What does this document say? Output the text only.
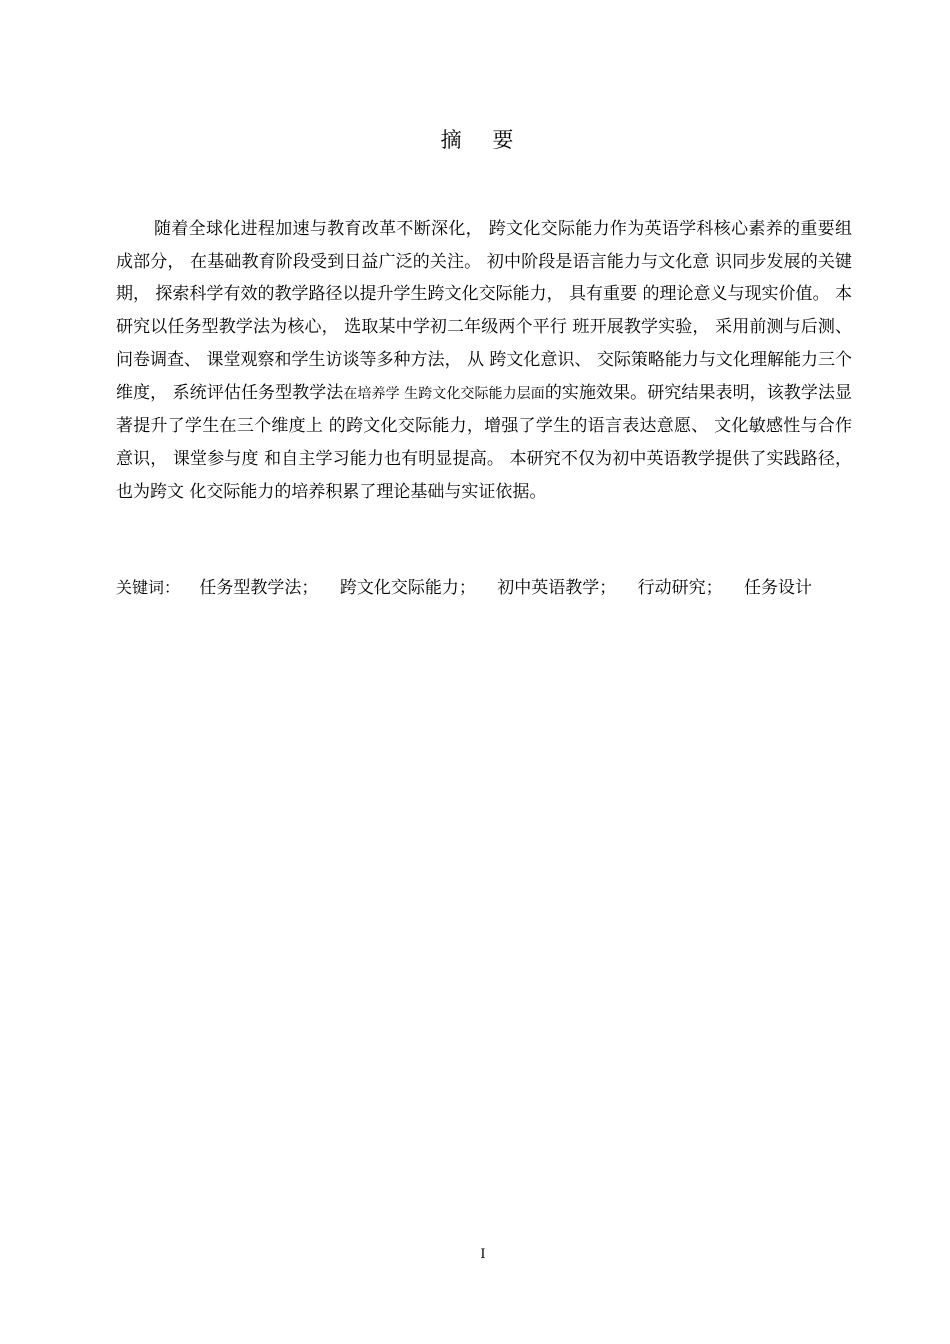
摘 要

随着全球化进程加速与教育改革不断深化， 跨文化交际能力作为英语学科核心素养的重要组成部分， 在基础教育阶段受到日益广泛的关注。 初中阶段是语言能力与文化意 识同步发展的关键期， 探索科学有效的教学路径以提升学生跨文化交际能力， 具有重要 的理论意义与现实价值。 本研究以任务型教学法为核心， 选取某中学初二年级两个平行 班开展教学实验， 采用前测与后测、 问卷调查、 课堂观察和学生访谈等多种方法， 从 跨文化意识、 交际策略能力与文化理解能力三个维度， 系统评估任务型教学法在培养学 生跨文化交际能力层面的实施效果。研究结果表明，该教学法显著提升了学生在三个维度上 的跨文化交际能力，增强了学生的语言表达意愿、 文化敏感性与合作意识， 课堂参与度 和自主学习能力也有明显提高。 本研究不仅为初中英语教学提供了实践路径， 也为跨文 化交际能力的培养积累了理论基础与实证依据。

关键词： 任务型教学法； 跨文化交际能力； 初中英语教学； 行动研究； 任务设计
I
